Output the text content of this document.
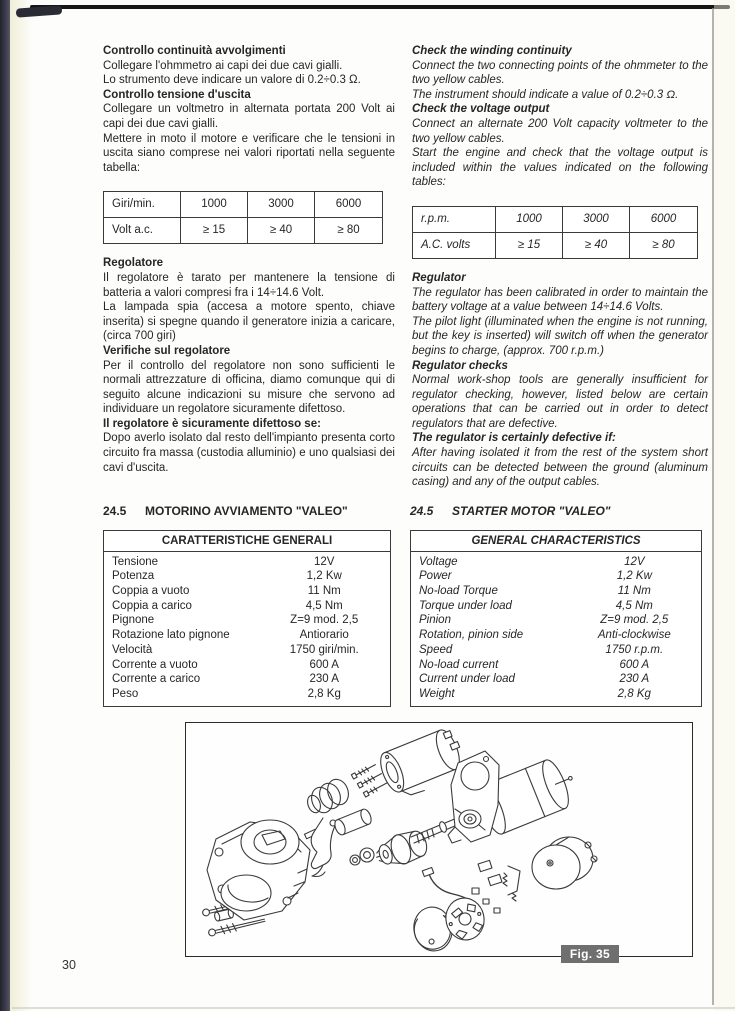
Controllo continuità avvolgimenti

Collegare l'ohmmetro ai capi dei due cavi gialli.

Lo strumento deve indicare un valore di 0.2÷0.3 Ω.

Controllo tensione d'uscita

Collegare un voltmetro in alternata portata 200 Volt ai capi dei due cavi gialli.

Mettere in moto il motore e verificare che le tensioni in uscita siano comprese nei valori riportati nella seguente tabella:

Giri/min.	1000	3000	6000
Volt a.c.	≥ 15	≥ 40	≥ 80
Regolatore

Il regolatore è tarato per mantenere la tensione di batteria a valori compresi fra i 14÷14.6 Volt.

La lampada spia (accesa a motore spento, chiave inserita) si spegne quando il generatore inizia a caricare, (circa 700 giri)

Verifiche sul regolatore

Per il controllo del regolatore non sono sufficienti le normali attrezzature di officina, diamo comunque qui di seguito alcune indicazioni su misure che servono ad individuare un regolatore sicuramente difettoso.

Il regolatore è sicuramente difettoso se:

Dopo averlo isolato dal resto dell'impianto presenta corto circuito fra massa (custodia alluminio) e uno qualsiasi dei cavi d'uscita.

Check the winding continuity

Connect the two connecting points of the ohmmeter to the two yellow cables.

The instrument should indicate a value of 0.2÷0.3 Ω.

Check the voltage output

Connect an alternate 200 Volt capacity voltmeter to the two yellow cables.

Start the engine and check that the voltage output is included within the values indicated on the following tables:

r.p.m.	1000	3000	6000
A.C. volts	≥ 15	≥ 40	≥ 80
Regulator

The regulator has been calibrated in order to maintain the battery voltage at a value between 14÷14.6 Volts.

The pilot light (illuminated when the engine is not running, but the key is inserted) will switch off when the generator begins to charge, (approx. 700 r.p.m.)

Regulator checks

Normal work-shop tools are generally insufficient for regulator checking, however, listed below are certain operations that can be carried out in order to detect regulators that are defective.

The regulator is certainly defective if:

After having isolated it from the rest of the system short circuits can be detected between the ground (aluminum casing) and any of the output cables.

24.5	MOTORINO AVVIAMENTO "VALEO"
CARATTERISTICHE GENERALI
Tensione	12V
Potenza	1,2 Kw
Coppia a vuoto	11 Nm
Coppia a carico	4,5 Nm
Pignone	Z=9 mod. 2,5
Rotazione lato pignone	Antiorario
Velocità	1750 giri/min.
Corrente a vuoto	600 A
Corrente a carico	230 A
Peso	2,8 Kg
24.5	STARTER MOTOR "VALEO"
GENERAL CHARACTERISTICS
Voltage	12V
Power	1,2 Kw
No-load Torque	11 Nm
Torque under load	4,5 Nm
Pinion	Z=9 mod. 2,5
Rotation, pinion side	Anti-clockwise
Speed	1750 r.p.m.
No-load current	600 A
Current under load	230 A
Weight	2,8 Kg
Fig. 35
30
